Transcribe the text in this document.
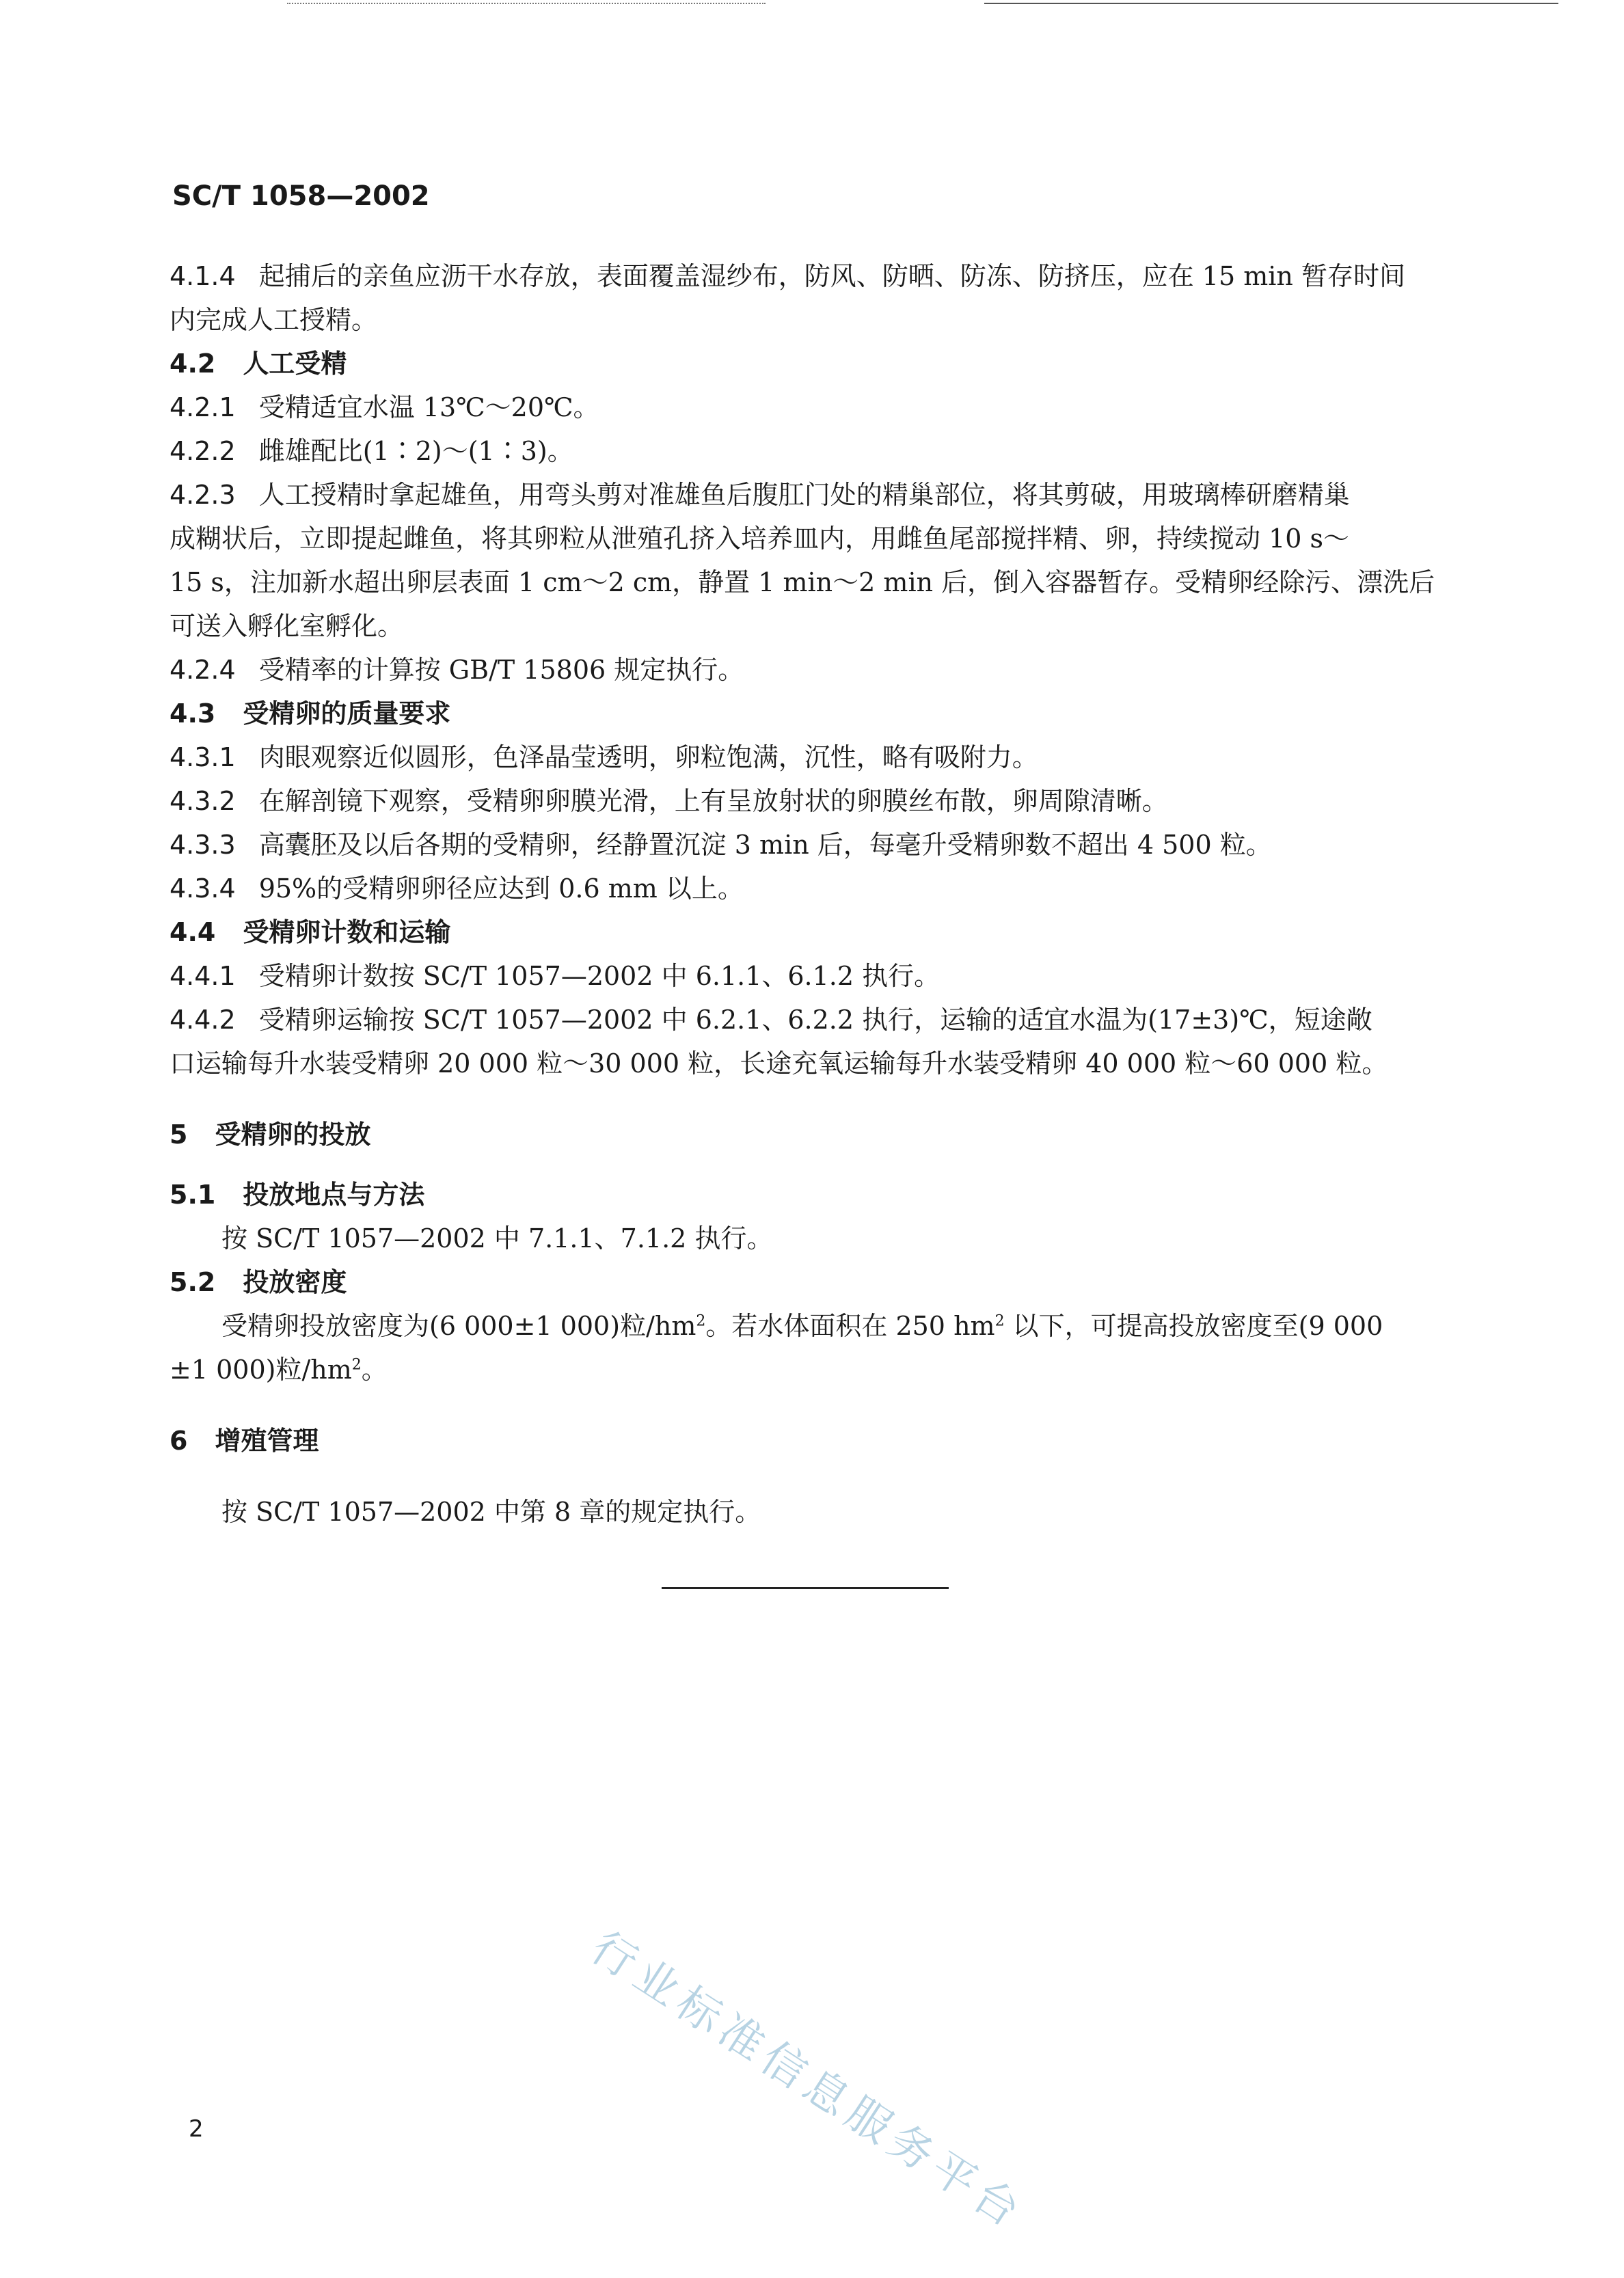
SC/T 1058—2002

4.1.4 起捕后的亲鱼应沥干水存放，表面覆盖湿纱布，防风、防晒、防冻、防挤压，应在 15 min 暂存时间

内完成人工授精。

4.2 人工受精

4.2.1 受精适宜水温 13℃～20℃。

4.2.2 雌雄配比(1∶2)～(1∶3)。

4.2.3 人工授精时拿起雄鱼，用弯头剪对准雄鱼后腹肛门处的精巢部位，将其剪破，用玻璃棒研磨精巢

成糊状后，立即提起雌鱼，将其卵粒从泄殖孔挤入培养皿内，用雌鱼尾部搅拌精、卵，持续搅动 10 s～

15 s，注加新水超出卵层表面 1 cm～2 cm，静置 1 min～2 min 后，倒入容器暂存。受精卵经除污、漂洗后

可送入孵化室孵化。

4.2.4 受精率的计算按 GB/T 15806 规定执行。

4.3 受精卵的质量要求

4.3.1 肉眼观察近似圆形，色泽晶莹透明，卵粒饱满，沉性，略有吸附力。

4.3.2 在解剖镜下观察，受精卵卵膜光滑，上有呈放射状的卵膜丝布散，卵周隙清晰。

4.3.3 高囊胚及以后各期的受精卵，经静置沉淀 3 min 后，每毫升受精卵数不超出 4 500 粒。

4.3.4 95%的受精卵卵径应达到 0.6 mm 以上。

4.4 受精卵计数和运输

4.4.1 受精卵计数按 SC/T 1057—2002 中 6.1.1、6.1.2 执行。

4.4.2 受精卵运输按 SC/T 1057—2002 中 6.2.1、6.2.2 执行，运输的适宜水温为(17±3)℃，短途敞

口运输每升水装受精卵 20 000 粒～30 000 粒，长途充氧运输每升水装受精卵 40 000 粒～60 000 粒。

5 受精卵的投放

5.1 投放地点与方法

按 SC/T 1057—2002 中 7.1.1、7.1.2 执行。

5.2 投放密度

受精卵投放密度为(6 000±1 000)粒$/hm^2$。若水体面积在 250 $hm^2$ 以下，可提高投放密度至(9 000

±1 000)粒$/hm^2$。

6 增殖管理

按 SC/T 1057—2002 中第 8 章的规定执行。

行业标准信息服务平台
2
